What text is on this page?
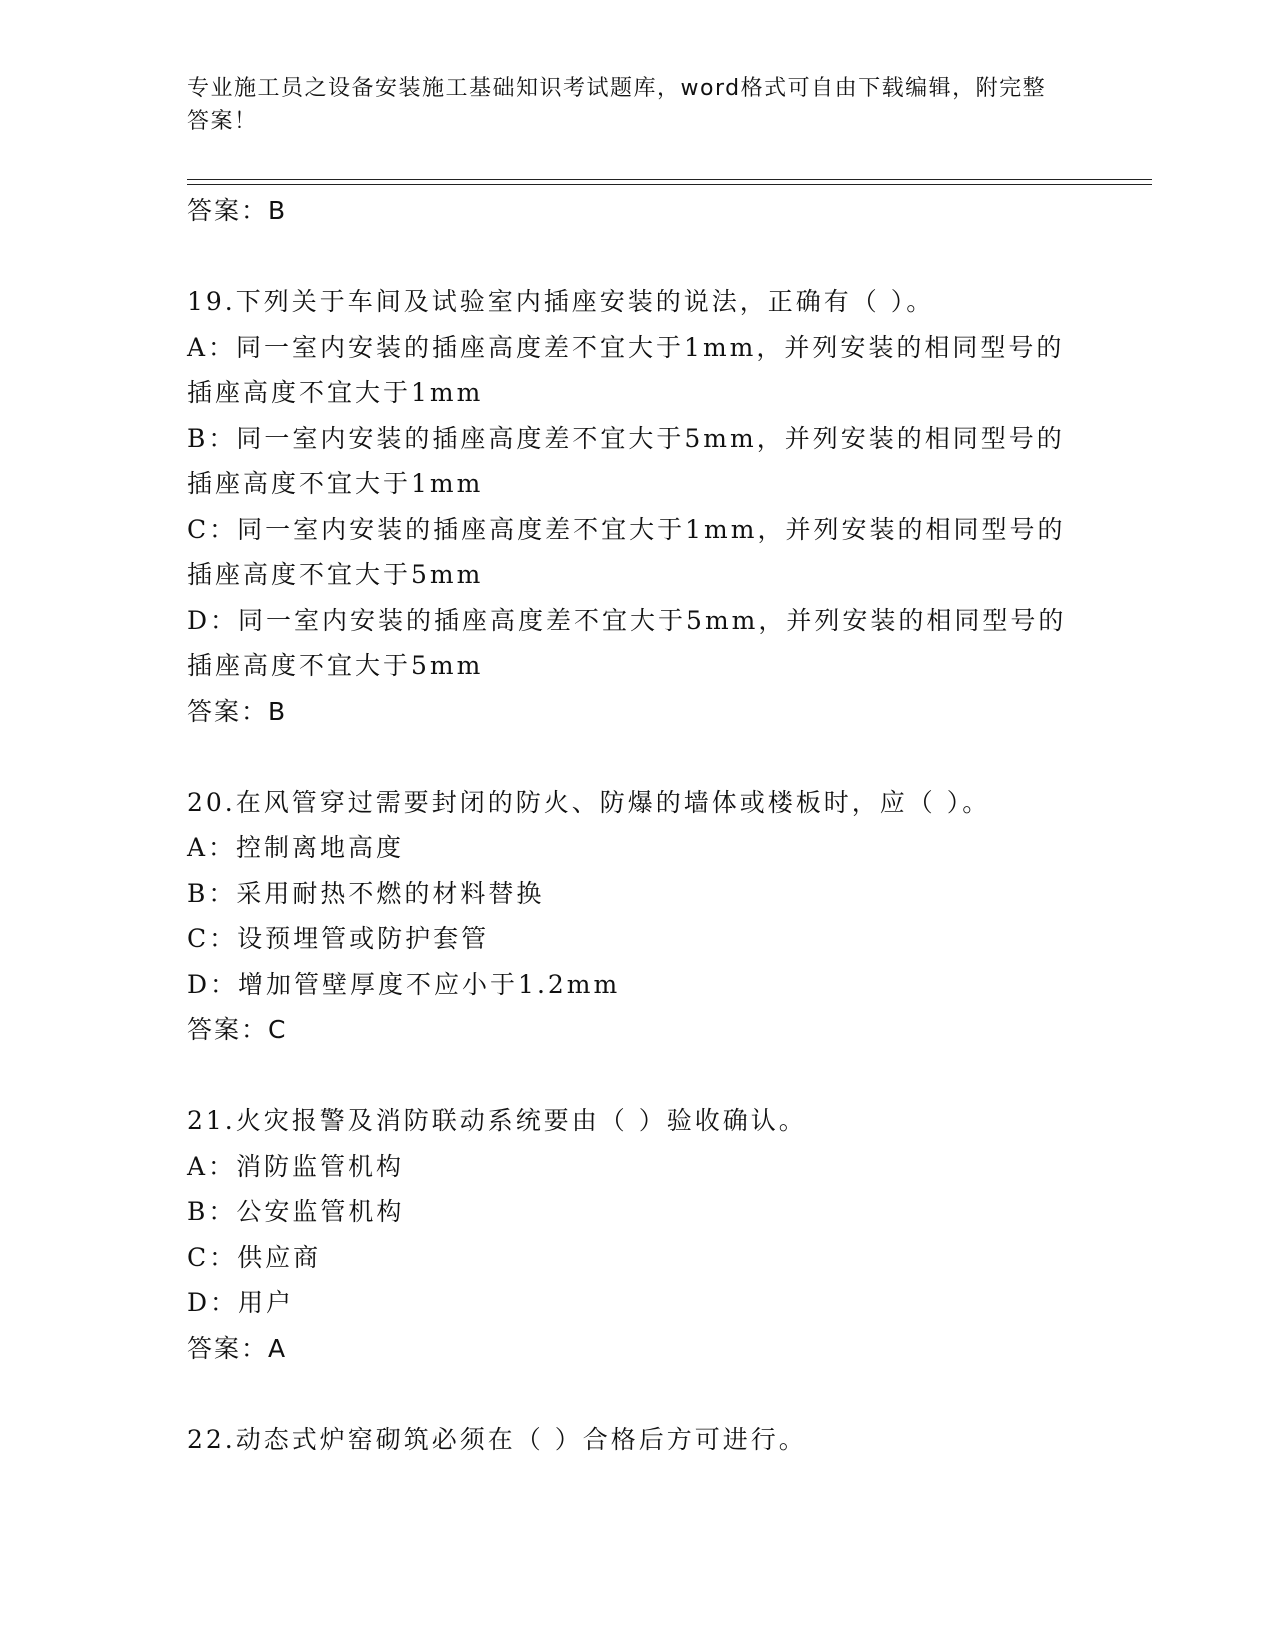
专业施工员之设备安装施工基础知识考试题库，word格式可自由下载编辑，附完整答案！
答案：B
19.下列关于车间及试验室内插座安装的说法，正确有（ ）。
A：同一室内安装的插座高度差不宜大于1mm，并列安装的相同型号的
插座高度不宜大于1mm
B：同一室内安装的插座高度差不宜大于5mm，并列安装的相同型号的
插座高度不宜大于1mm
C：同一室内安装的插座高度差不宜大于1mm，并列安装的相同型号的
插座高度不宜大于5mm
D：同一室内安装的插座高度差不宜大于5mm，并列安装的相同型号的
插座高度不宜大于5mm
答案：B
20.在风管穿过需要封闭的防火、防爆的墙体或楼板时，应（ ）。
A：控制离地高度
B：采用耐热不燃的材料替换
C：设预埋管或防护套管
D：增加管壁厚度不应小于1.2mm
答案：C
21.火灾报警及消防联动系统要由（ ）验收确认。
A：消防监管机构
B：公安监管机构
C：供应商
D：用户
答案：A
22.动态式炉窑砌筑必须在（ ）合格后方可进行。
